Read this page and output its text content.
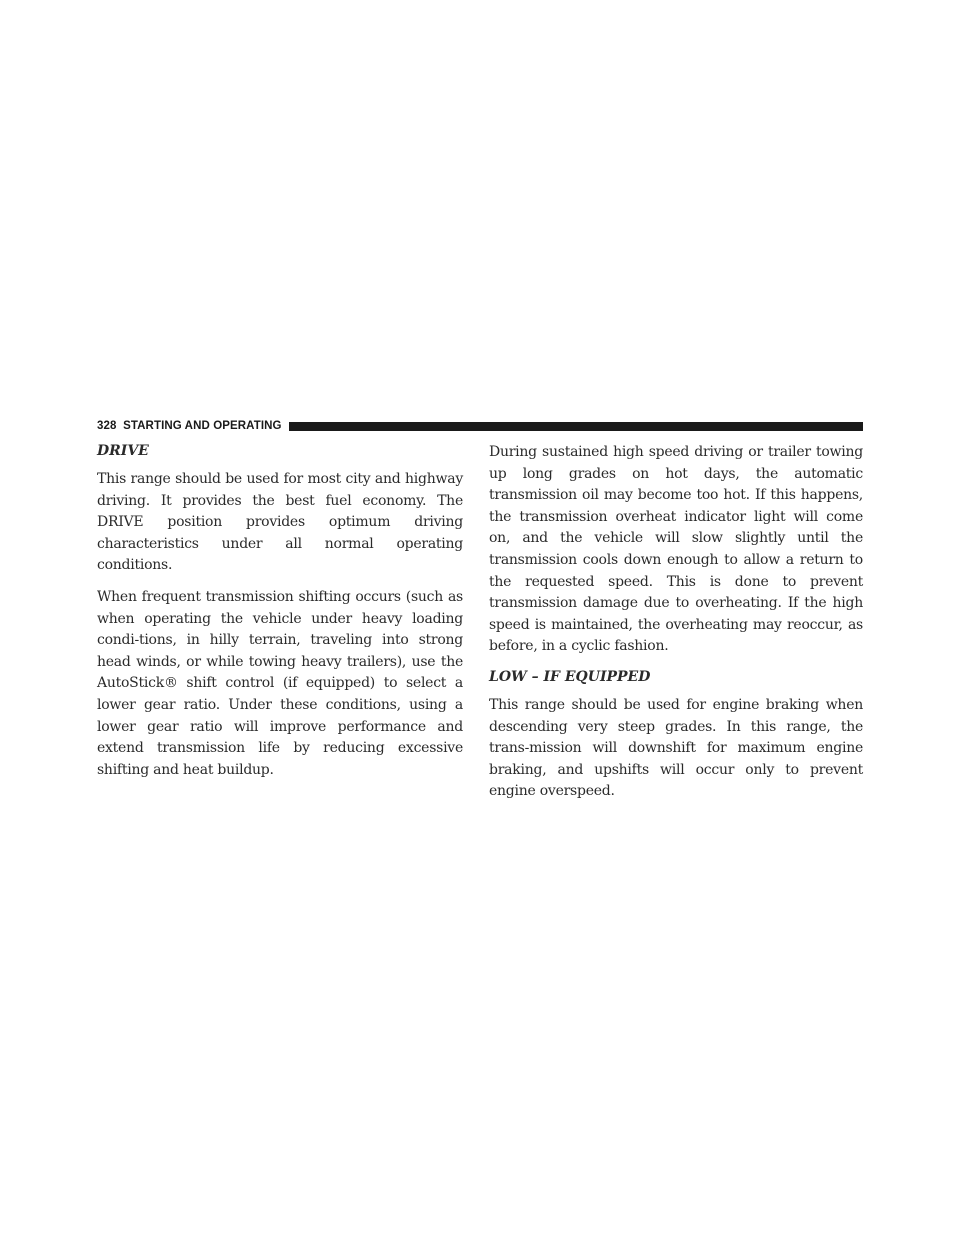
328 STARTING AND OPERATING

DRIVE

This range should be used for most city and highway driving. It provides the best fuel economy. The DRIVE position provides optimum driving characteristics under all normal operating conditions.

When frequent transmission shifting occurs (such as when operating the vehicle under heavy loading condi-tions, in hilly terrain, traveling into strong head winds, or while towing heavy trailers), use the AutoStick® shift control (if equipped) to select a lower gear ratio. Under these conditions, using a lower gear ratio will improve performance and extend transmission life by reducing excessive shifting and heat buildup.

During sustained high speed driving or trailer towing up long grades on hot days, the automatic transmission oil may become too hot. If this happens, the transmission overheat indicator light will come on, and the vehicle will slow slightly until the transmission cools down enough to allow a return to the requested speed. This is done to prevent transmission damage due to overheating. If the high speed is maintained, the overheating may reoccur, as before, in a cyclic fashion.

LOW – IF EQUIPPED

This range should be used for engine braking when descending very steep grades. In this range, the trans-mission will downshift for maximum engine braking, and upshifts will occur only to prevent engine overspeed.
